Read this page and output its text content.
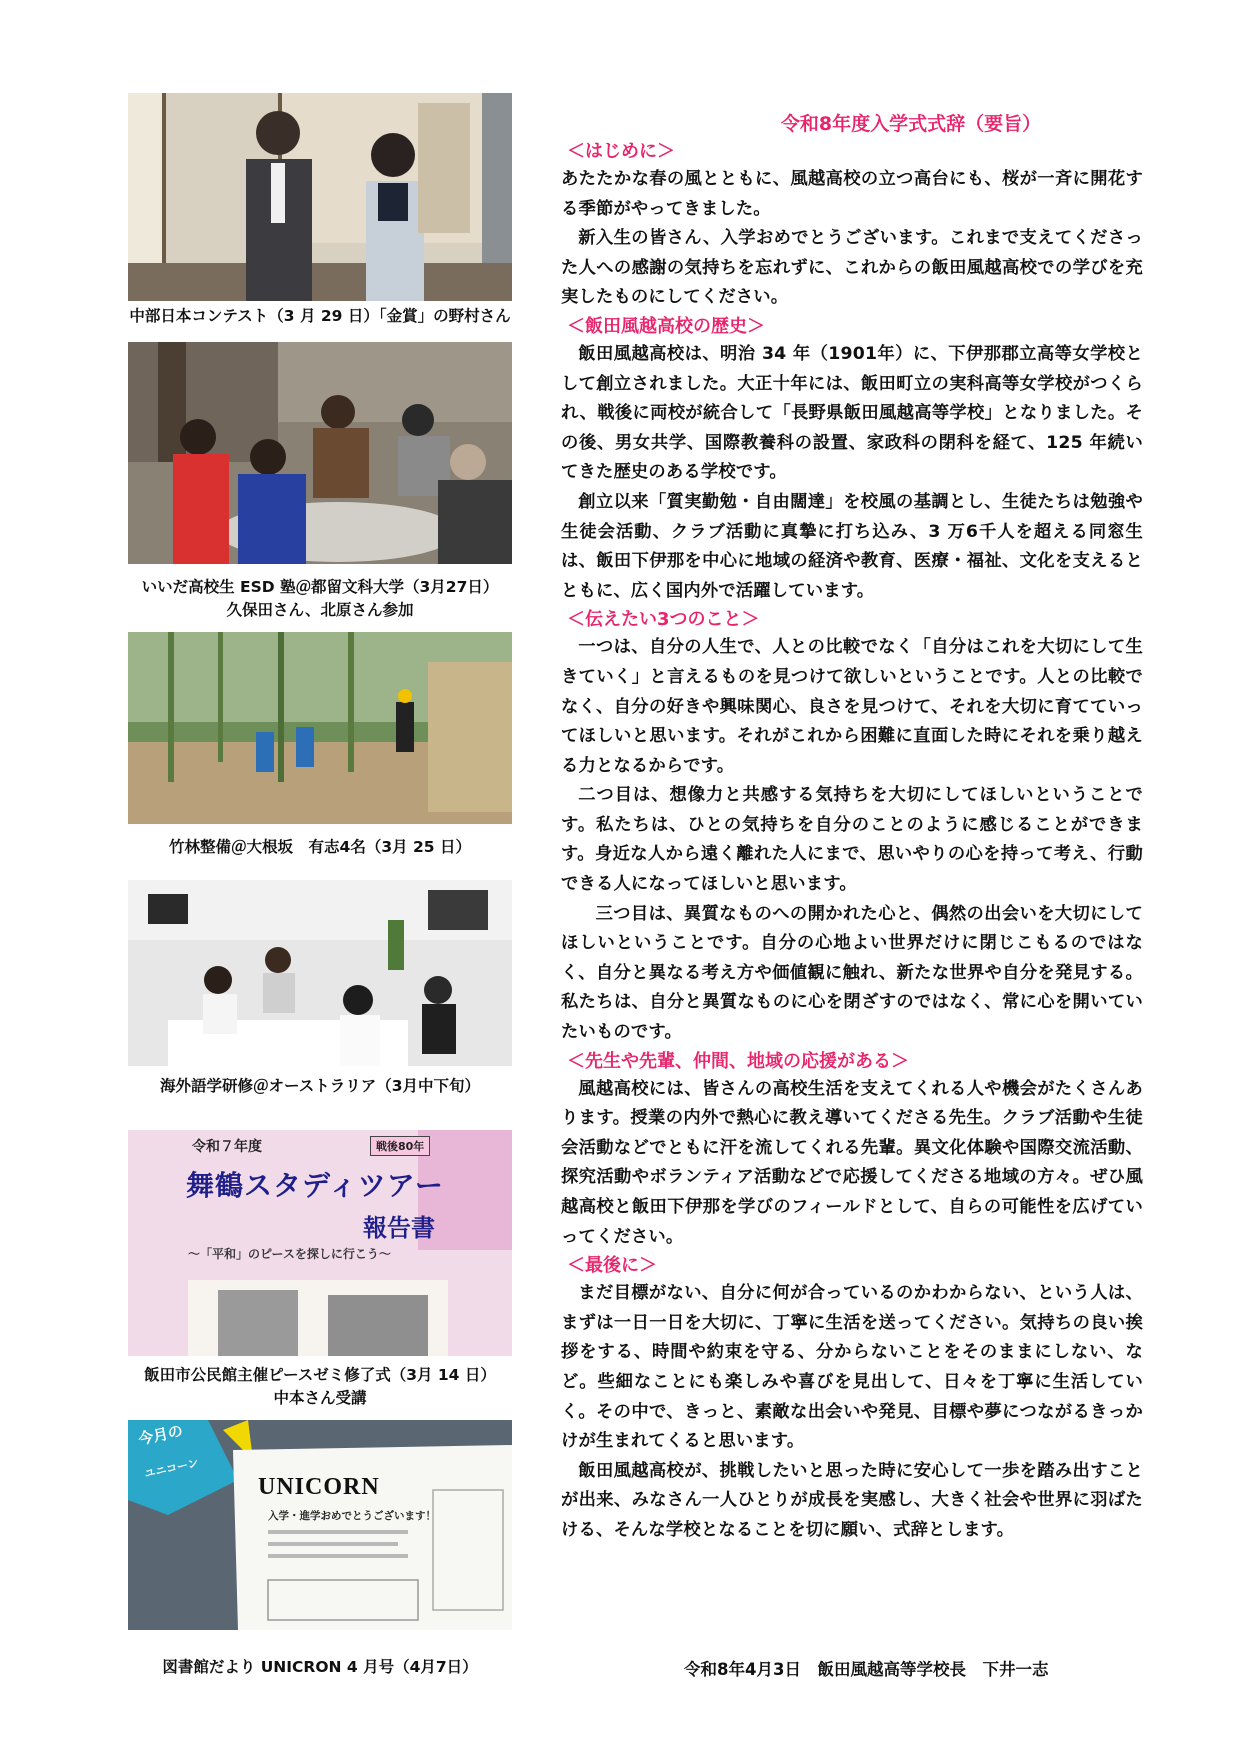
中部日本コンテスト（3 月 29 日）「金賞」の野村さん
いいだ高校生 ESD 塾＠都留文科大学（3月27日）
久保田さん、北原さん参加
竹林整備＠大根坂　有志4名（3月 25 日）
海外語学研修＠オーストラリア（3月中下旬）
令和７年度	戦後80年
舞鶴スタディツアー
報告書
～「平和」のピースを探しに行こう～
飯田市公民館主催ピースゼミ修了式（3月 14 日）
中本さん受講
今月の
ユニコーン
UNICORN
入学・進学おめでとうございます！
図書館だより UNICRON 4 月号（4月7日）
令和8年度入学式式辞（要旨）
＜はじめに＞

あたたかな春の風とともに、風越高校の立つ高台にも、桜が一斉に開花する季節がやってきました。

新入生の皆さん、入学おめでとうございます。これまで支えてくださった人への感謝の気持ちを忘れずに、これからの飯田風越高校での学びを充実したものにしてください。

＜飯田風越高校の歴史＞

飯田風越高校は、明治 34 年（1901年）に、下伊那郡立高等女学校として創立されました。大正十年には、飯田町立の実科高等女学校がつくられ、戦後に両校が統合して「長野県飯田風越高等学校」となりました。その後、男女共学、国際教養科の設置、家政科の閉科を経て、125 年続いてきた歴史のある学校です。

創立以来「質実勤勉・自由闊達」を校風の基調とし、生徒たちは勉強や生徒会活動、クラブ活動に真摯に打ち込み、3 万6千人を超える同窓生は、飯田下伊那を中心に地域の経済や教育、医療・福祉、文化を支えるとともに、広く国内外で活躍しています。

＜伝えたい3つのこと＞

一つは、自分の人生で、人との比較でなく「自分はこれを大切にして生きていく」と言えるものを見つけて欲しいということです。人との比較でなく、自分の好きや興味関心、良さを見つけて、それを大切に育てていってほしいと思います。それがこれから困難に直面した時にそれを乗り越える力となるからです。

二つ目は、想像力と共感する気持ちを大切にしてほしいということです。私たちは、ひとの気持ちを自分のことのように感じることができます。身近な人から遠く離れた人にまで、思いやりの心を持って考え、行動できる人になってほしいと思います。

三つ目は、異質なものへの開かれた心と、偶然の出会いを大切にしてほしいということです。自分の心地よい世界だけに閉じこもるのではなく、自分と異なる考え方や価値観に触れ、新たな世界や自分を発見する。私たちは、自分と異質なものに心を閉ざすのではなく、常に心を開いていたいものです。

＜先生や先輩、仲間、地域の応援がある＞

風越高校には、皆さんの高校生活を支えてくれる人や機会がたくさんあります。授業の内外で熱心に教え導いてくださる先生。クラブ活動や生徒会活動などでともに汗を流してくれる先輩。異文化体験や国際交流活動、探究活動やボランティア活動などで応援してくださる地域の方々。ぜひ風越高校と飯田下伊那を学びのフィールドとして、自らの可能性を広げていってください。

＜最後に＞

まだ目標がない、自分に何が合っているのかわからない、という人は、まずは一日一日を大切に、丁寧に生活を送ってください。気持ちの良い挨拶をする、時間や約束を守る、分からないことをそのままにしない、など。些細なことにも楽しみや喜びを見出して、日々を丁寧に生活していく。その中で、きっと、素敵な出会いや発見、目標や夢につながるきっかけが生まれてくると思います。

飯田風越高校が、挑戦したいと思った時に安心して一歩を踏み出すことが出来、みなさん一人ひとりが成長を実感し、大きく社会や世界に羽ばたける、そんな学校となることを切に願い、式辞とします。

令和8年4月3日　飯田風越高等学校長　下井一志
